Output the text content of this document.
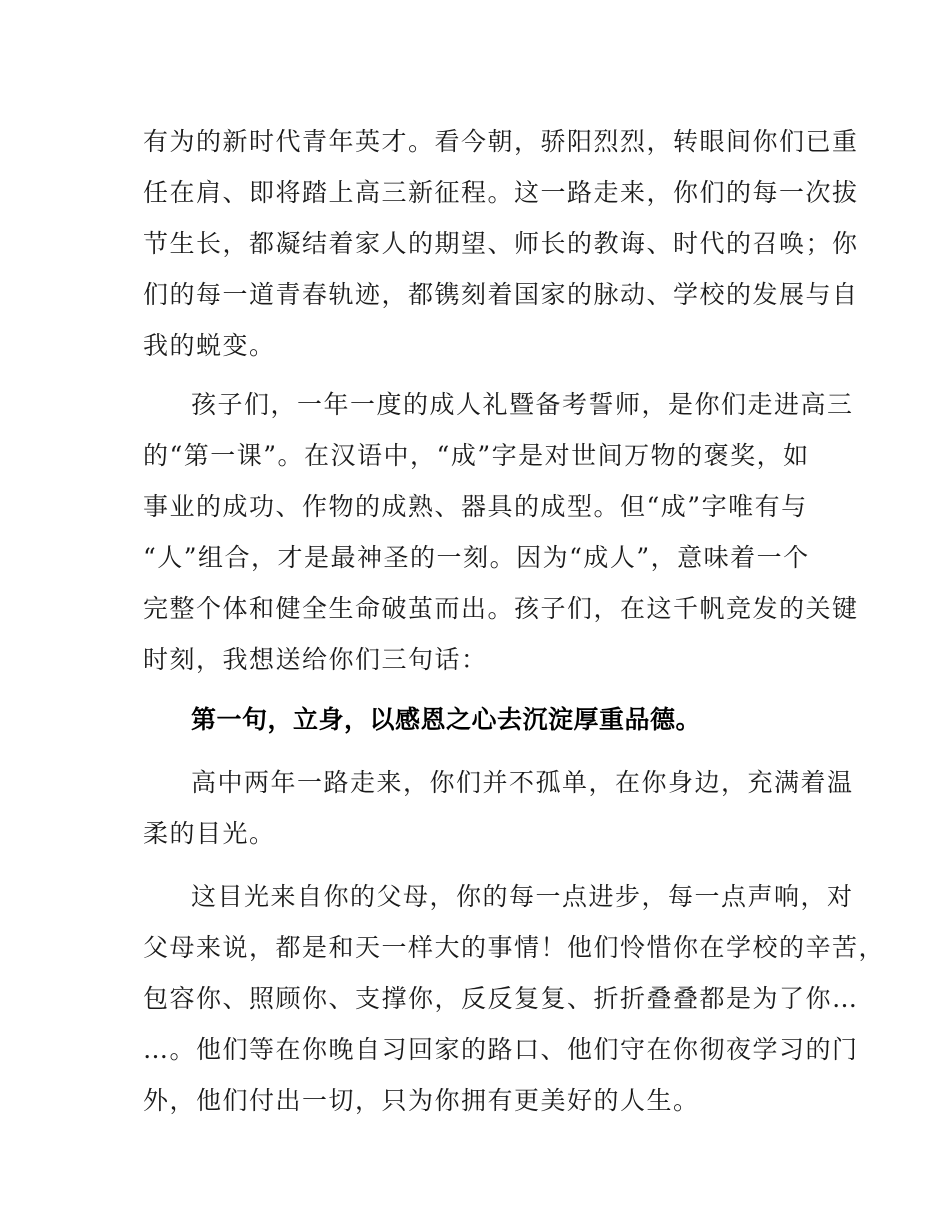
有为的新时代青年英才。看今朝，骄阳烈烈，转眼间你们已重
任在肩、即将踏上高三新征程。这一路走来，你们的每一次拔
节生长，都凝结着家人的期望、师长的教诲、时代的召唤；你
们的每一道青春轨迹，都镌刻着国家的脉动、学校的发展与自
我的蜕变。
孩子们，一年一度的成人礼暨备考誓师，是你们走进高三
的“第一课”。在汉语中，“成”字是对世间万物的褒奖，如
事业的成功、作物的成熟、器具的成型。但“成”字唯有与
“人”组合，才是最神圣的一刻。因为“成人”，意味着一个
完整个体和健全生命破茧而出。孩子们，在这千帆竞发的关键
时刻，我想送给你们三句话：
第一句，立身，以感恩之心去沉淀厚重品德。
高中两年一路走来，你们并不孤单，在你身边，充满着温
柔的目光。
这目光来自你的父母，你的每一点进步，每一点声响，对
父母来说，都是和天一样大的事情！他们怜惜你在学校的辛苦，
包容你、照顾你、支撑你，反反复复、折折叠叠都是为了你…
…。他们等在你晚自习回家的路口、他们守在你彻夜学习的门
外，他们付出一切，只为你拥有更美好的人生。
